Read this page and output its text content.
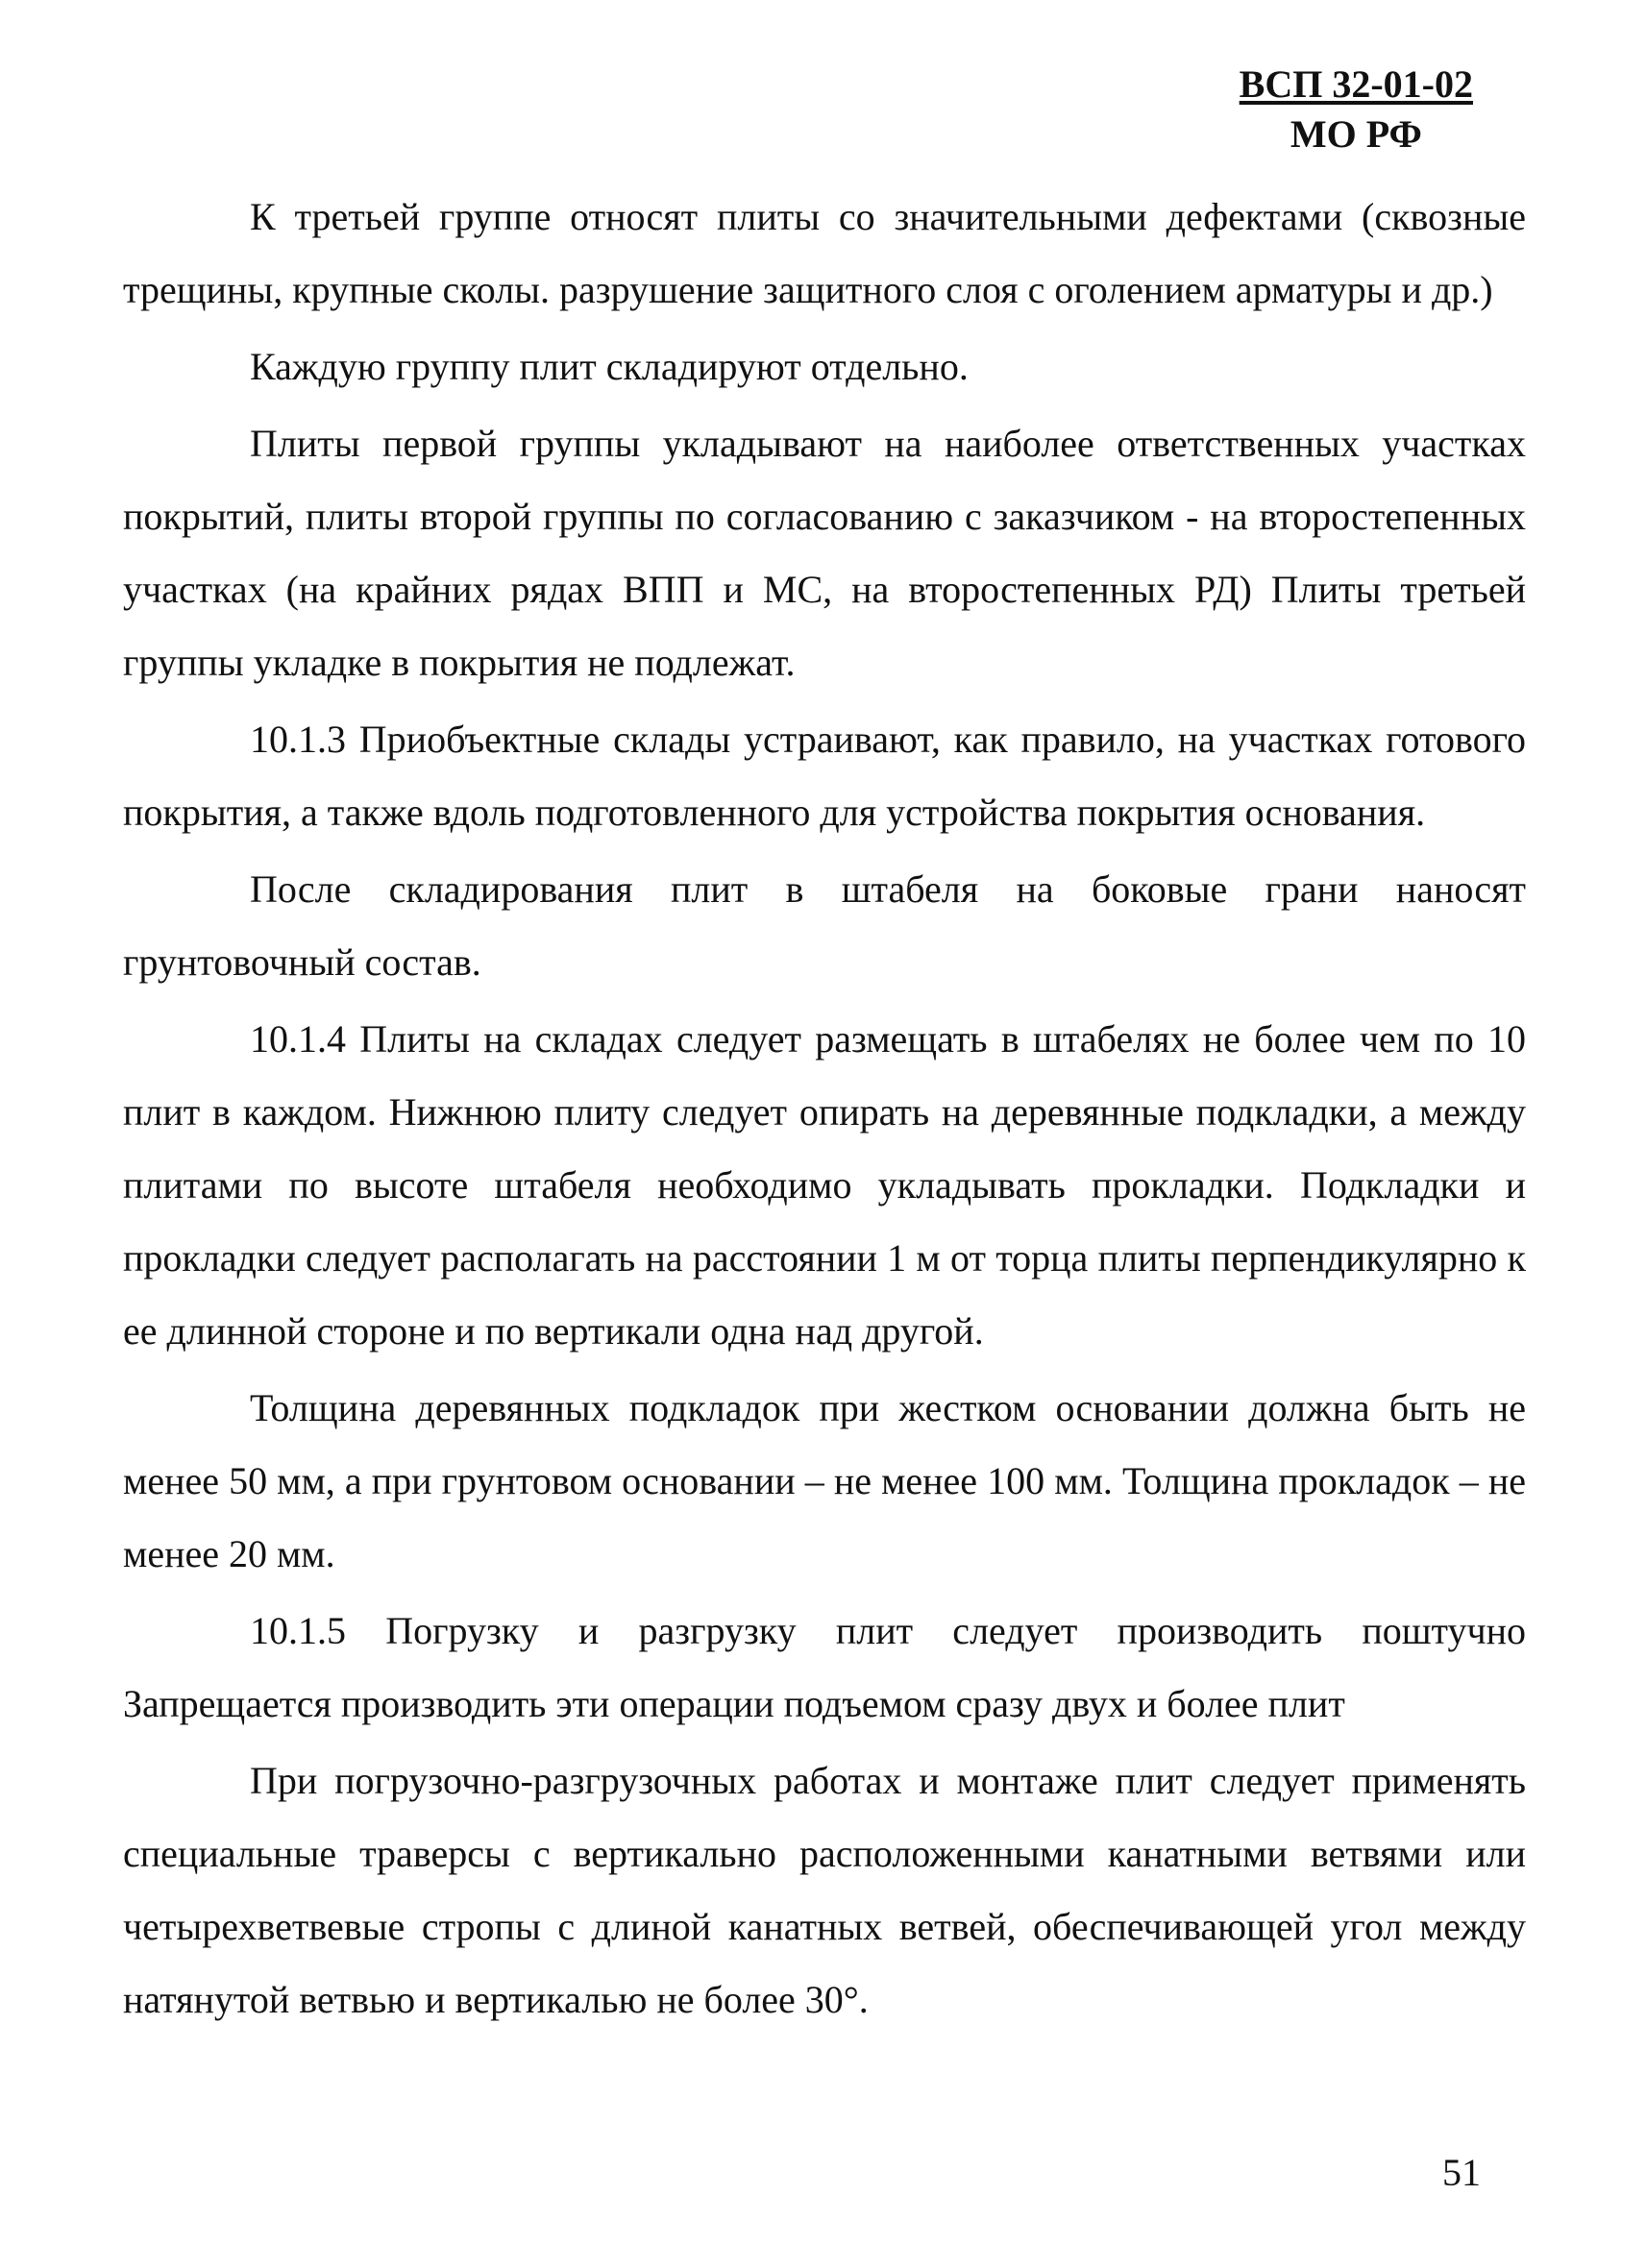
ВСП 32-01-02
МО РФ

К третьей группе относят плиты со значительными дефектами (сквозные трещины, крупные сколы. разрушение защитного слоя с оголением арматуры и др.)

Каждую группу плит складируют отдельно.

Плиты первой группы укладывают на наиболее ответственных участках покрытий, плиты второй группы по согласованию с заказчиком - на второстепенных участках (на крайних рядах ВПП и МС, на второстепенных РД) Плиты третьей группы укладке в покрытия не подлежат.

10.1.3 Приобъектные склады устраивают, как правило, на участках готового покрытия, а также вдоль подготовленного для устройства покрытия основания.

После складирования плит в штабеля на боковые грани наносят грунтовочный состав.

10.1.4 Плиты на складах следует размещать в штабелях не более чем по 10 плит в каждом. Нижнюю плиту следует опирать на деревянные подкладки, а между плитами по высоте штабеля необходимо укладывать прокладки. Подкладки и прокладки следует располагать на расстоянии 1 м от торца плиты перпендикулярно к ее длинной стороне и по вертикали одна над другой.

Толщина деревянных подкладок при жестком основании должна быть не менее 50 мм, а при грунтовом основании – не менее 100 мм. Толщина прокладок – не менее 20 мм.

10.1.5 Погрузку и разгрузку плит следует производить поштучно Запрещается производить эти операции подъемом сразу двух и более плит

При погрузочно-разгрузочных работах и монтаже плит следует применять специальные траверсы с вертикально расположенными канатными ветвями или четырехветвевые стропы с длиной канатных ветвей, обеспечивающей угол между натянутой ветвью и вертикалью не более 30°.

51
